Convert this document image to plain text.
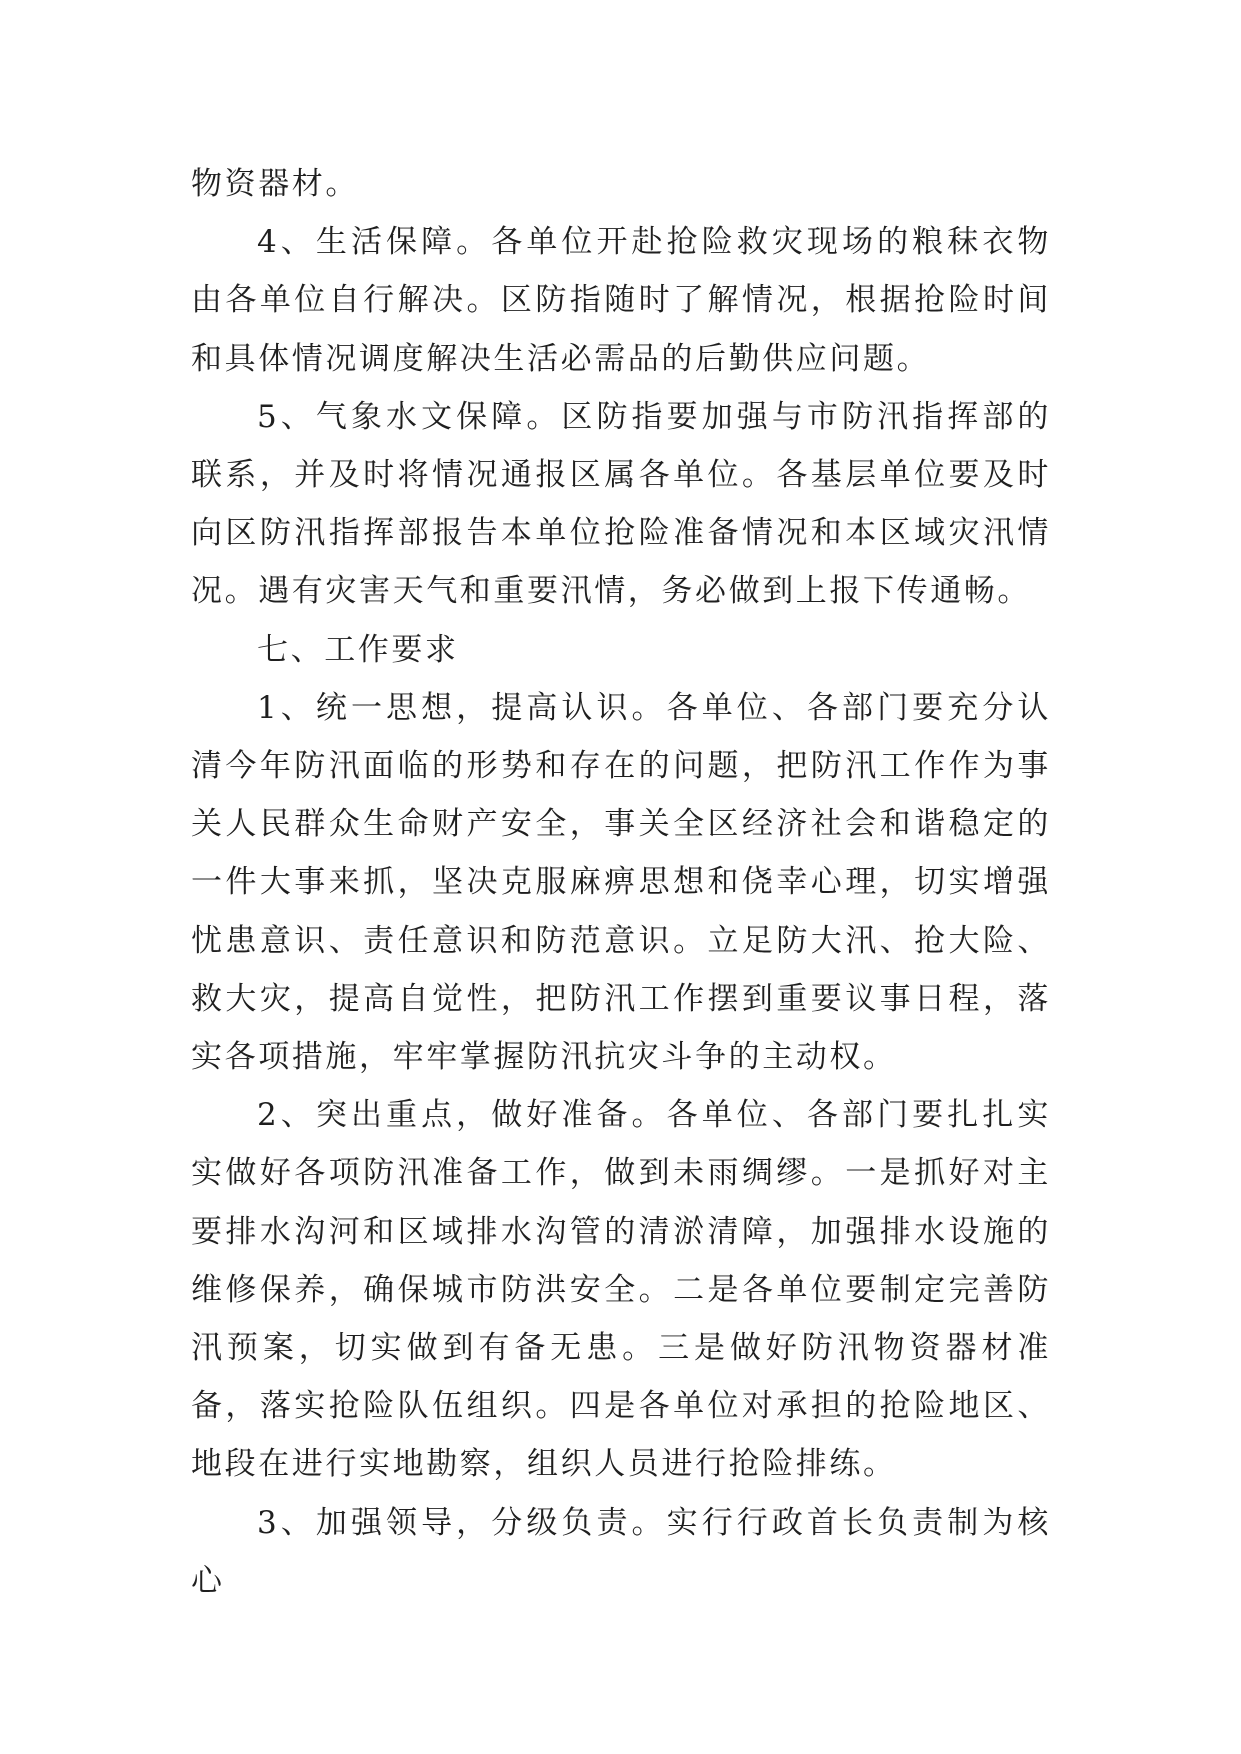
物资器材。

4、生活保障。各单位开赴抢险救灾现场的粮秣衣物由各单位自行解决。区防指随时了解情况，根据抢险时间和具体情况调度解决生活必需品的后勤供应问题。

5、气象水文保障。区防指要加强与市防汛指挥部的联系，并及时将情况通报区属各单位。各基层单位要及时向区防汛指挥部报告本单位抢险准备情况和本区域灾汛情况。遇有灾害天气和重要汛情，务必做到上报下传通畅。

七、工作要求

1、统一思想，提高认识。各单位、各部门要充分认清今年防汛面临的形势和存在的问题，把防汛工作作为事关人民群众生命财产安全，事关全区经济社会和谐稳定的一件大事来抓，坚决克服麻痹思想和侥幸心理，切实增强忧患意识、责任意识和防范意识。立足防大汛、抢大险、救大灾，提高自觉性，把防汛工作摆到重要议事日程，落实各项措施，牢牢掌握防汛抗灾斗争的主动权。

2、突出重点，做好准备。各单位、各部门要扎扎实实做好各项防汛准备工作，做到未雨绸缪。一是抓好对主要排水沟河和区域排水沟管的清淤清障，加强排水设施的维修保养，确保城市防洪安全。二是各单位要制定完善防汛预案，切实做到有备无患。三是做好防汛物资器材准备，落实抢险队伍组织。四是各单位对承担的抢险地区、地段在进行实地勘察，组织人员进行抢险排练。

3、加强领导，分级负责。实行行政首长负责制为核心
